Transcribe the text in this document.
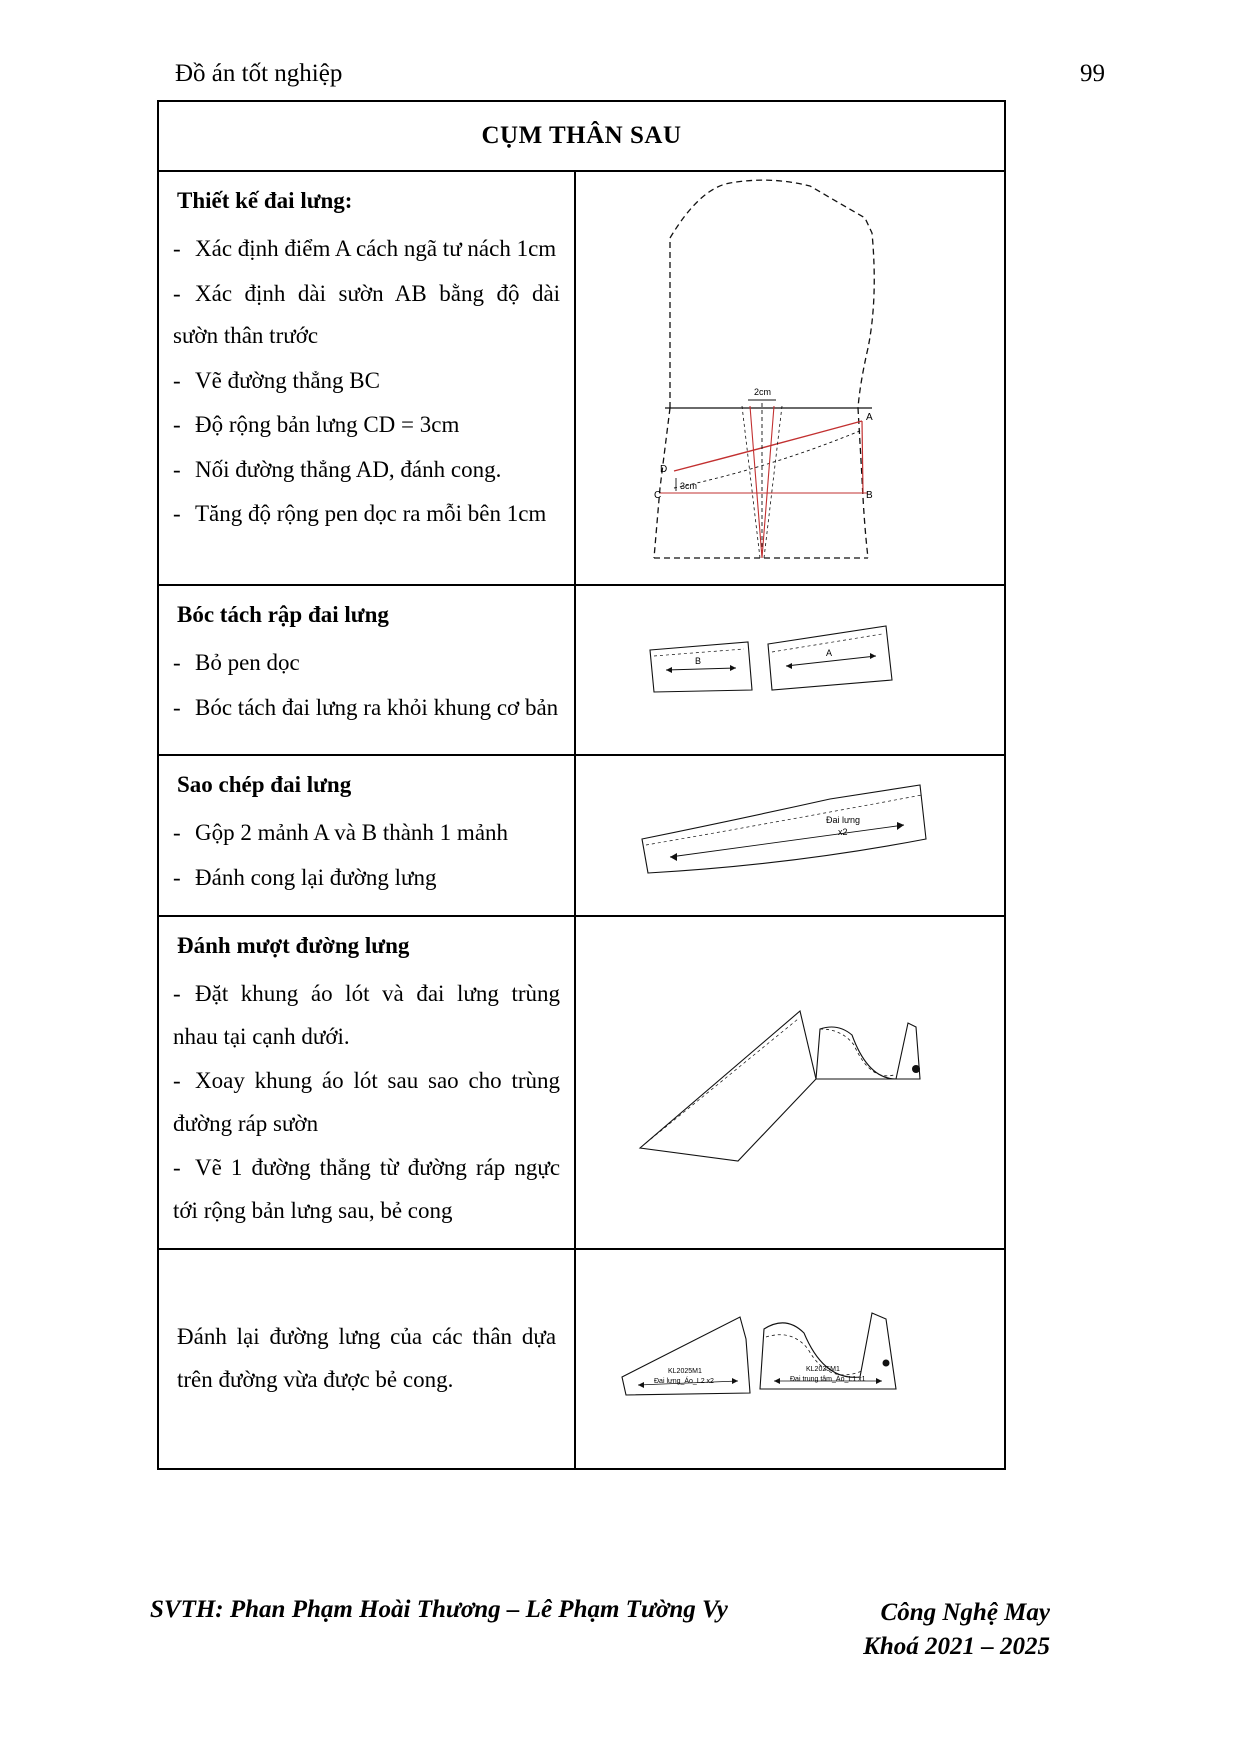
Đồ án tốt nghiệp	99
CỤM THÂN SAU
Thiết kế đai lưng:
- Xác định điểm A cách ngã tư nách 1cm
- Xác định dài sườn AB bằng độ dài sườn thân trước
- Vẽ đường thẳng BC
- Độ rộng bản lưng CD = 3cm
- Nối đường thẳng AD, đánh cong.
- Tăng độ rộng pen dọc ra mỗi bên 1cm
2cm
3cm
A
B
C
D
Bóc tách rập đai lưng
- Bỏ pen dọc
- Bóc tách đai lưng ra khỏi khung cơ bản
B
A
Sao chép đai lưng
- Gộp 2 mảnh A và B thành 1 mảnh
- Đánh cong lại đường lưng
Đai lưng
x2
Đánh mượt đường lưng
- Đặt khung áo lót và đai lưng trùng nhau tại cạnh dưới.
- Xoay khung áo lót sau sao cho trùng đường ráp sườn
- Vẽ 1 đường thẳng từ đường ráp ngực tới rộng bản lưng sau, bẻ cong

Đánh lại đường lưng của các thân dựa trên đường vừa được bẻ cong.	KL2025M1
Đai lưng_Áo_L2 x2
KL2025M1
Đai trung tâm_Áo_L1 x1
SVTH: Phan Phạm Hoài Thương – Lê Phạm Tường Vy	Công Nghệ May
Khoá 2021 – 2025
